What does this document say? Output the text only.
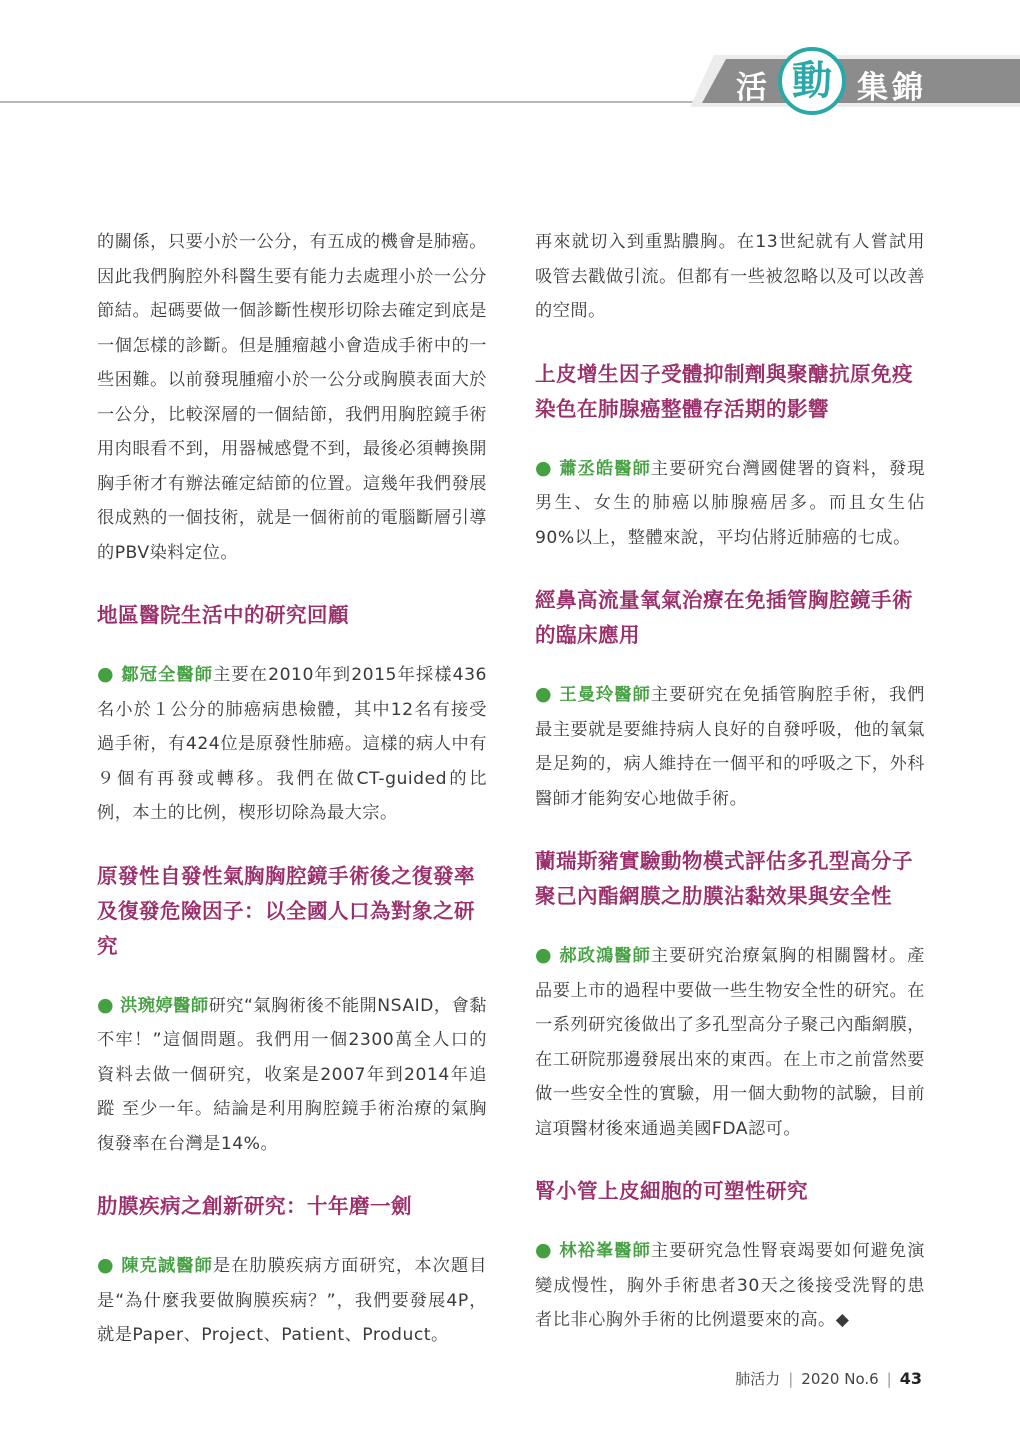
活 動 集錦

的關係，只要小於一公分，有五成的機會是肺癌。因此我們胸腔外科醫生要有能力去處理小於一公分節結。起碼要做一個診斷性楔形切除去確定到底是一個怎樣的診斷。但是腫瘤越小會造成手術中的一些困難。以前發現腫瘤小於一公分或胸膜表面大於一公分，比較深層的一個結節，我們用胸腔鏡手術用肉眼看不到，用器械感覺不到，最後必須轉換開胸手術才有辦法確定結節的位置。這幾年我們發展很成熟的一個技術，就是一個術前的電腦斷層引導的PBV染料定位。

地區醫院生活中的研究回顧

● 鄒冠全醫師主要在2010年到2015年採樣436名小於１公分的肺癌病患檢體，其中12名有接受過手術，有424位是原發性肺癌。這樣的病人中有９個有再發或轉移。我們在做CT-guided的比例，本土的比例，楔形切除為最大宗。

原發性自發性氣胸胸腔鏡手術後之復發率及復發危險因子：以全國人口為對象之研究

● 洪琬婷醫師研究“氣胸術後不能開NSAID，會黏不牢！”這個問題。我們用一個2300萬全人口的資料去做一個研究，收案是2007年到2014年追蹤 至少一年。結論是利用胸腔鏡手術治療的氣胸復發率在台灣是14%。

肋膜疾病之創新研究：十年磨一劍

● 陳克誠醫師是在肋膜疾病方面研究，本次題目是“為什麼我要做胸膜疾病？”，我們要發展4P，就是Paper、Project、Patient、Product。

再來就切入到重點膿胸。在13世紀就有人嘗試用吸管去戳做引流。但都有一些被忽略以及可以改善的空間。

上皮增生因子受體抑制劑與聚醣抗原免疫染色在肺腺癌整體存活期的影響

● 蕭丞皓醫師主要研究台灣國健署的資料，發現男生、女生的肺癌以肺腺癌居多。而且女生佔90%以上，整體來說，平均佔將近肺癌的七成。

經鼻高流量氧氣治療在免插管胸腔鏡手術的臨床應用

● 王曼玲醫師主要研究在免插管胸腔手術，我們最主要就是要維持病人良好的自發呼吸，他的氧氣是足夠的，病人維持在一個平和的呼吸之下，外科醫師才能夠安心地做手術。

蘭瑞斯豬實驗動物模式評估多孔型高分子聚己內酯網膜之肋膜沾黏效果與安全性

● 郝政鴻醫師主要研究治療氣胸的相關醫材。產品要上市的過程中要做一些生物安全性的研究。在一系列研究後做出了多孔型高分子聚己內酯網膜，在工研院那邊發展出來的東西。在上市之前當然要做一些安全性的實驗，用一個大動物的試驗，目前這項醫材後來通過美國FDA認可。

腎小管上皮細胞的可塑性研究

● 林裕峯醫師主要研究急性腎衰竭要如何避免演變成慢性，胸外手術患者30天之後接受洗腎的患者比非心胸外手術的比例還要來的高。◆

肺活力 | 2020 No.6 | 43
